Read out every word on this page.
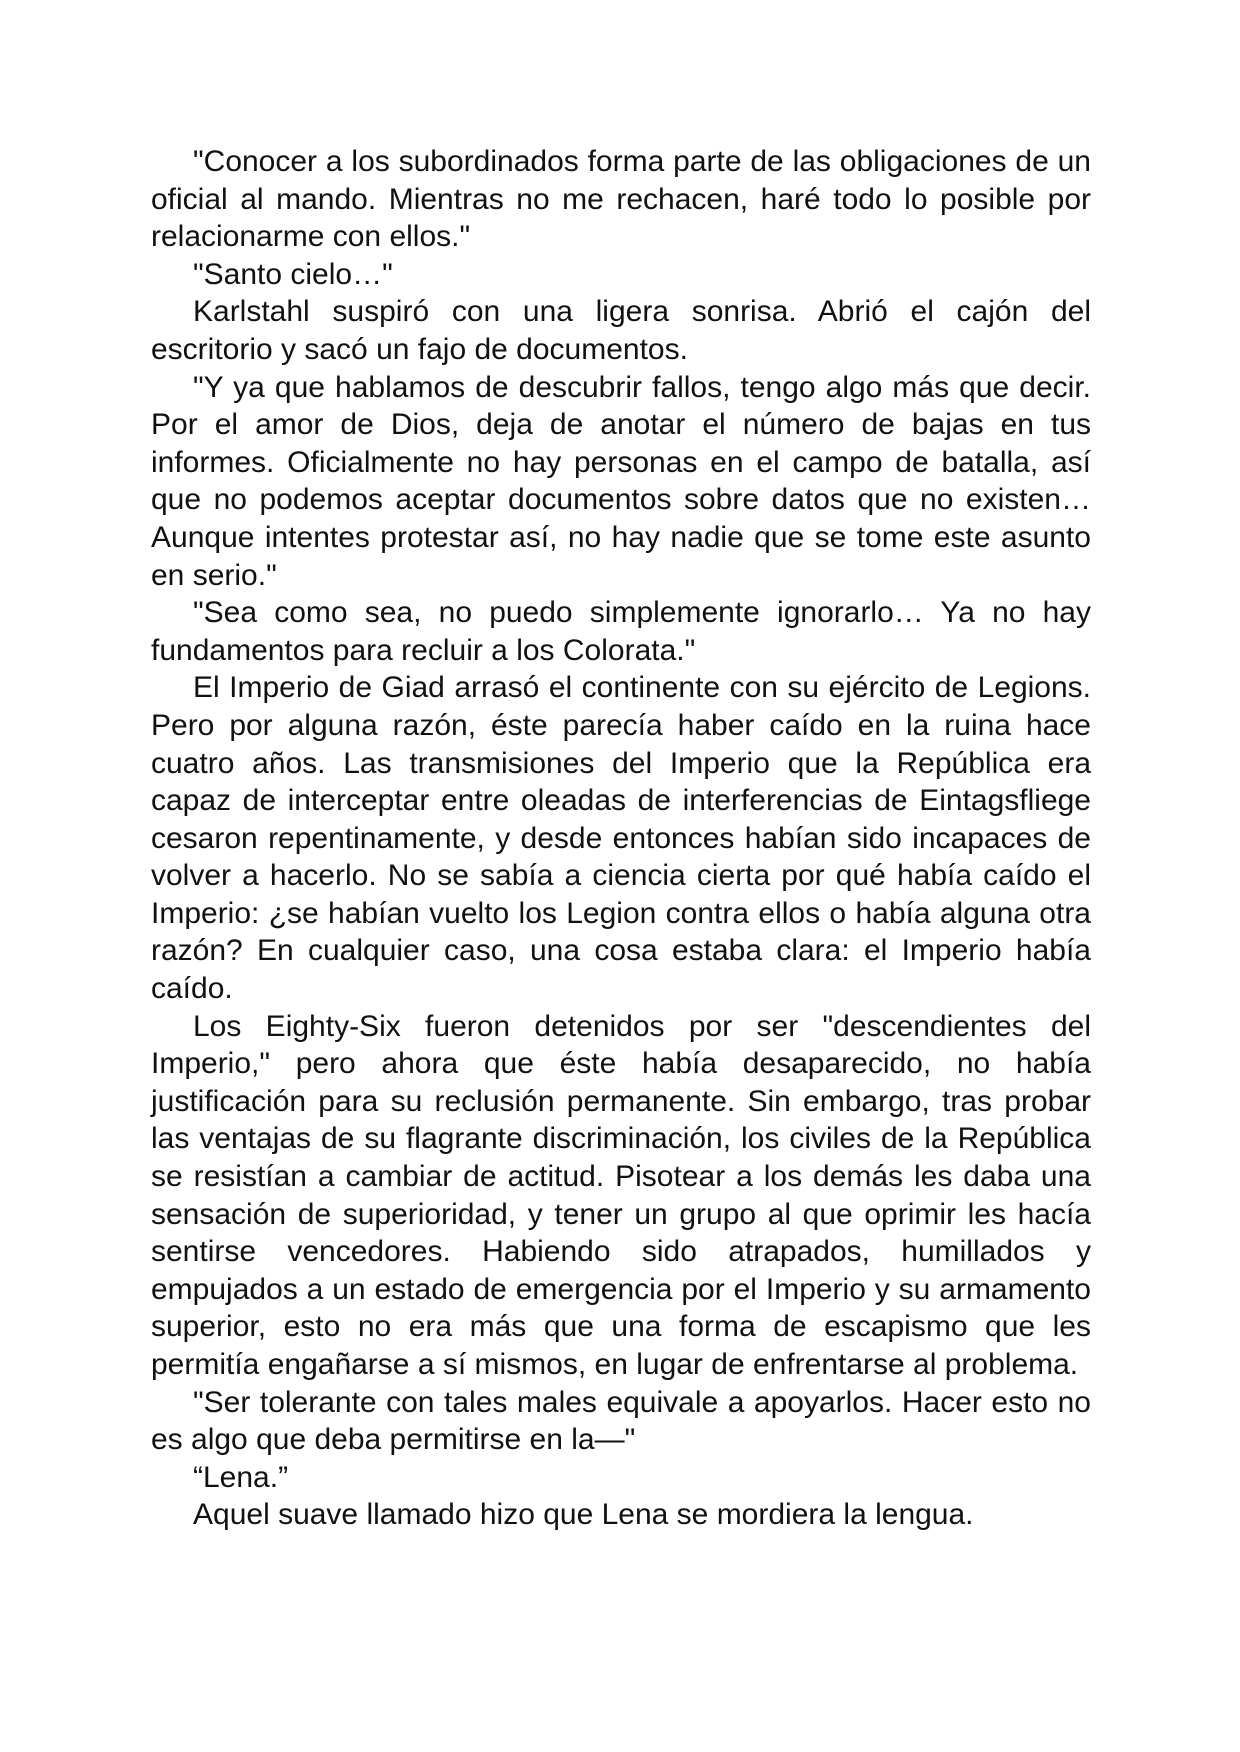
"Conocer a los subordinados forma parte de las obligaciones de un oficial al mando. Mientras no me rechacen, haré todo lo posible por relacionarme con ellos."

"Santo cielo…"

Karlstahl suspiró con una ligera sonrisa. Abrió el cajón del escritorio y sacó un fajo de documentos.

"Y ya que hablamos de descubrir fallos, tengo algo más que decir. Por el amor de Dios, deja de anotar el número de bajas en tus informes. Oficialmente no hay personas en el campo de batalla, así que no podemos aceptar documentos sobre datos que no existen… Aunque intentes protestar así, no hay nadie que se tome este asunto en serio."

"Sea como sea, no puedo simplemente ignorarlo… Ya no hay fundamentos para recluir a los Colorata."

El Imperio de Giad arrasó el continente con su ejército de Legions. Pero por alguna razón, éste parecía haber caído en la ruina hace cuatro años. Las transmisiones del Imperio que la República era capaz de interceptar entre oleadas de interferencias de Eintagsfliege cesaron repentinamente, y desde entonces habían sido incapaces de volver a hacerlo. No se sabía a ciencia cierta por qué había caído el Imperio: ¿se habían vuelto los Legion contra ellos o había alguna otra razón? En cualquier caso, una cosa estaba clara: el Imperio había caído.

Los Eighty-Six fueron detenidos por ser "descendientes del Imperio," pero ahora que éste había desaparecido, no había justificación para su reclusión permanente. Sin embargo, tras probar las ventajas de su flagrante discriminación, los civiles de la República se resistían a cambiar de actitud. Pisotear a los demás les daba una sensación de superioridad, y tener un grupo al que oprimir les hacía sentirse vencedores. Habiendo sido atrapados, humillados y empujados a un estado de emergencia por el Imperio y su armamento superior, esto no era más que una forma de escapismo que les permitía engañarse a sí mismos, en lugar de enfrentarse al problema.

"Ser tolerante con tales males equivale a apoyarlos. Hacer esto no es algo que deba permitirse en la—"

“Lena.”

Aquel suave llamado hizo que Lena se mordiera la lengua.
